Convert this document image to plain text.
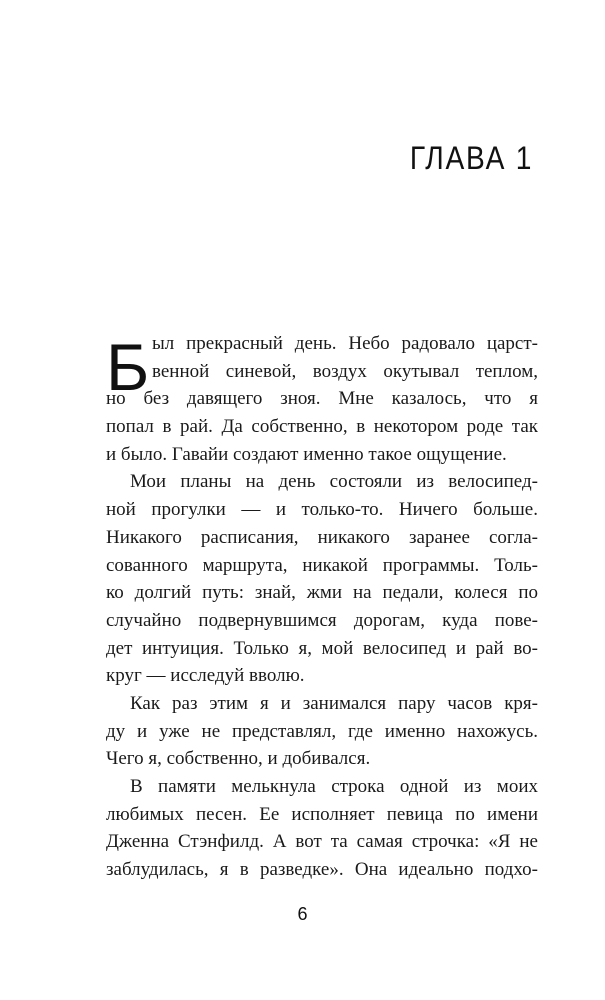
ГЛАВА 1
Б ыл прекрасный день. Небо радовало царст-
венной синевой, воздух окутывал теплом,
но без давящего зноя. Мне казалось, что я
попал в рай. Да собственно, в некотором роде так
и было. Гавайи создают именно такое ощущение.
Мои планы на день состояли из велосипед-
ной прогулки — и только-то. Ничего больше.
Никакого расписания, никакого заранее согла-
сованного маршрута, никакой программы. Толь-
ко долгий путь: знай, жми на педали, колеся по
случайно подвернувшимся дорогам, куда пове-
дет интуиция. Только я, мой велосипед и рай во-
круг — исследуй вволю.
Как раз этим я и занимался пару часов кря-
ду и уже не представлял, где именно нахожусь.
Чего я, собственно, и добивался.
В памяти мелькнула строка одной из моих
любимых песен. Ее исполняет певица по имени
Дженна Стэнфилд. А вот та самая строчка: «Я не
заблудилась, я в разведке». Она идеально подхо-
6
